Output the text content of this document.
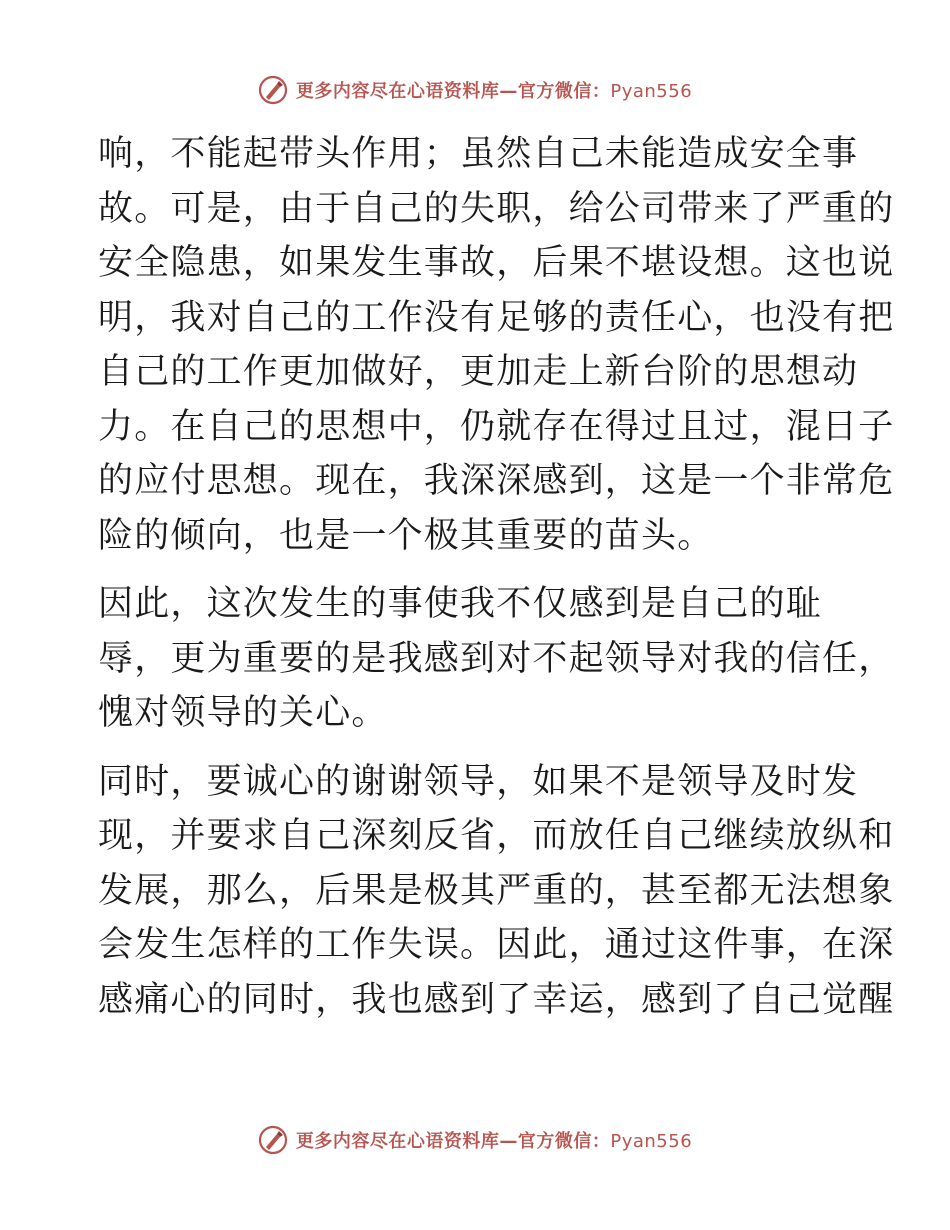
更多内容尽在心语资料库—官方微信：Pyan556

响，不能起带头作用；虽然自己未能造成安全事
故。可是，由于自己的失职，给公司带来了严重的
安全隐患，如果发生事故，后果不堪设想。这也说
明，我对自己的工作没有足够的责任心，也没有把
自己的工作更加做好，更加走上新台阶的思想动
力。在自己的思想中，仍就存在得过且过，混日子
的应付思想。现在，我深深感到，这是一个非常危
险的倾向，也是一个极其重要的苗头。

因此，这次发生的事使我不仅感到是自己的耻
辱，更为重要的是我感到对不起领导对我的信任，
愧对领导的关心。

同时，要诚心的谢谢领导，如果不是领导及时发
现，并要求自己深刻反省，而放任自己继续放纵和
发展，那么，后果是极其严重的，甚至都无法想象
会发生怎样的工作失误。因此，通过这件事，在深
感痛心的同时，我也感到了幸运，感到了自己觉醒

更多内容尽在心语资料库—官方微信：Pyan556
